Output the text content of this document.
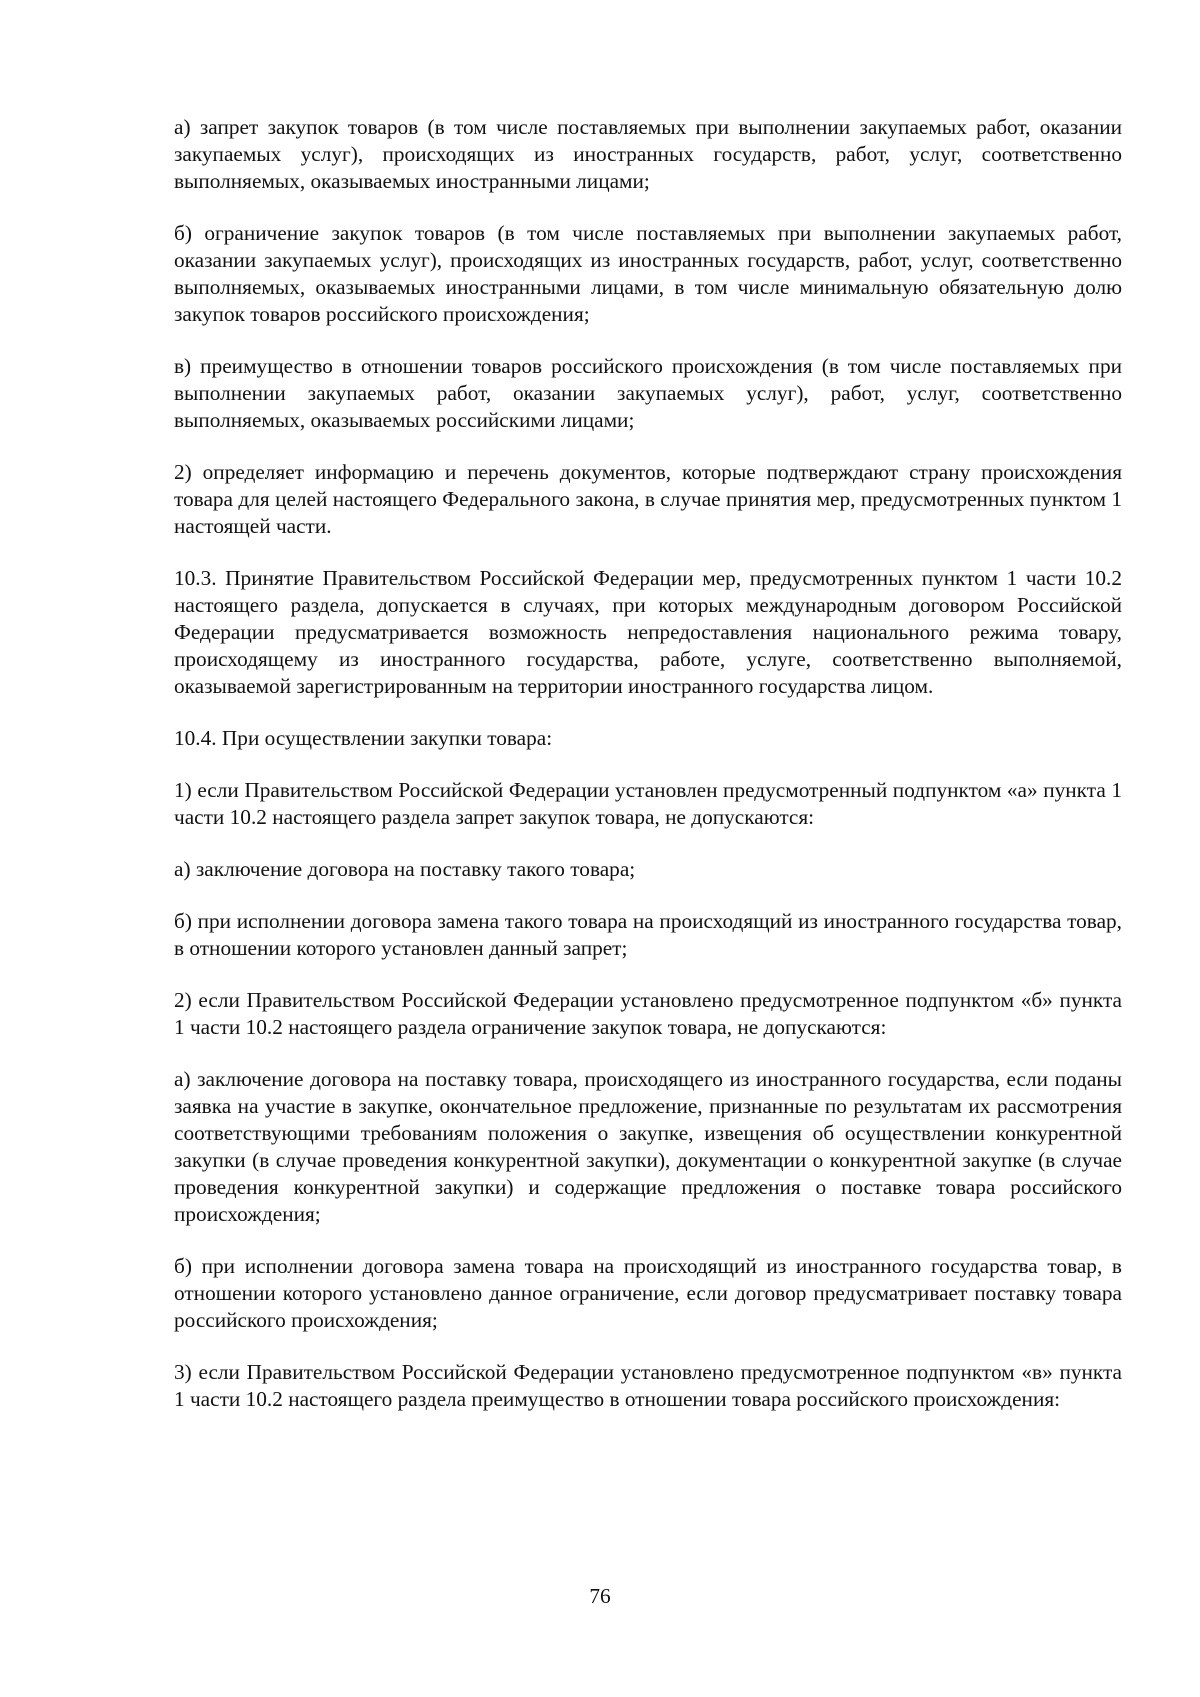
а) запрет закупок товаров (в том числе поставляемых при выполнении закупаемых работ, оказании закупаемых услуг), происходящих из иностранных государств, работ, услуг, соответственно выполняемых, оказываемых иностранными лицами;

б) ограничение закупок товаров (в том числе поставляемых при выполнении закупаемых работ, оказании закупаемых услуг), происходящих из иностранных государств, работ, услуг, соответственно выполняемых, оказываемых иностранными лицами, в том числе минимальную обязательную долю закупок товаров российского происхождения;

в) преимущество в отношении товаров российского происхождения (в том числе поставляемых при выполнении закупаемых работ, оказании закупаемых услуг), работ, услуг, соответственно выполняемых, оказываемых российскими лицами;

2) определяет информацию и перечень документов, которые подтверждают страну происхождения товара для целей настоящего Федерального закона, в случае принятия мер, предусмотренных пунктом 1 настоящей части.

10.3. Принятие Правительством Российской Федерации мер, предусмотренных пунктом 1 части 10.2 настоящего раздела, допускается в случаях, при которых международным договором Российской Федерации предусматривается возможность непредоставления национального режима товару, происходящему из иностранного государства, работе, услуге, соответственно выполняемой, оказываемой зарегистрированным на территории иностранного государства лицом.

10.4. При осуществлении закупки товара:

1) если Правительством Российской Федерации установлен предусмотренный подпунктом «а» пункта 1 части 10.2 настоящего раздела запрет закупок товара, не допускаются:

а) заключение договора на поставку такого товара;

б) при исполнении договора замена такого товара на происходящий из иностранного государства товар, в отношении которого установлен данный запрет;

2) если Правительством Российской Федерации установлено предусмотренное подпунктом «б» пункта 1 части 10.2 настоящего раздела ограничение закупок товара, не допускаются:

а) заключение договора на поставку товара, происходящего из иностранного государства, если поданы заявка на участие в закупке, окончательное предложение, признанные по результатам их рассмотрения соответствующими требованиям положения о закупке, извещения об осуществлении конкурентной закупки (в случае проведения конкурентной закупки), документации о конкурентной закупке (в случае проведения конкурентной закупки) и содержащие предложения о поставке товара российского происхождения;

б) при исполнении договора замена товара на происходящий из иностранного государства товар, в отношении которого установлено данное ограничение, если договор предусматривает поставку товара российского происхождения;

3) если Правительством Российской Федерации установлено предусмотренное подпунктом «в» пункта 1 части 10.2 настоящего раздела преимущество в отношении товара российского происхождения:

76
